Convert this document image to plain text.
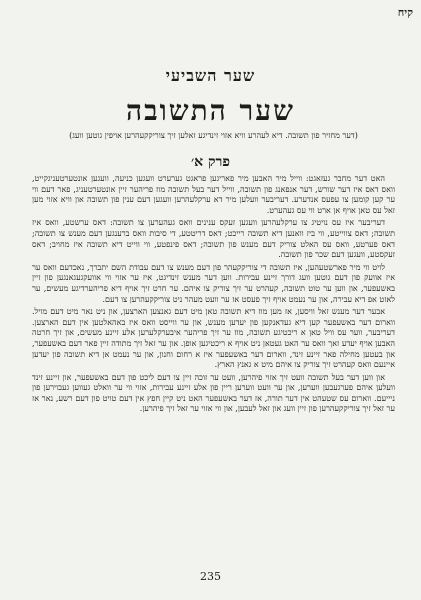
קיח
שער השביעי
שער התשובה
(דער מחזיר פון תשובה. דיא לעהרע וויא אזוי זינדיגע זאלען זיך צוריקקעהרען אויפין גוטען וועג)
פרק א׳

האט דער מחבר געזאגט: ווייל מיר האבען מיר פאריגען פראגט גערערט וועגען כניעה, וועגען אונטערטעניגקייט, וואס דאס איז דער שורש, דער אנפאנג פון תשובה, ווייל דער בעל תשובה מוז פריהער זיין אונטערטעניג, פאר דעם ווי ער קען קומען צו עפעס אנדערע. דעריבער וועלען מיר דא ערקלעהרען וועגען דעם ענין פון תשובה און וויא אזוי מען זאל עס טאן אויף אן ארט ווי עס געהערט.

דעריבער איז עס נויטיג צו ערקלעהרען וועגען זעקס ענינים וואס געהערען צו תשובה: דאס ערשטע, וואס איז תשובה; דאס צווייטע, ווי ביז וואנען דיא תשובה רייכט; דאס דריטטע, די סיבות וואס ברענגען דעם מענש צו תשובה; דאס פערטע, וואס עס האלט צוריק דעם מענש פון תשובה; דאס פינפטע, ווי ווייט דיא תשובה איז מחויב; דאס זעקסטע, וועגען דעם שכר פון תשובה.

לויט ווי מיר פארשטעהען, איז תשובה די צוריקקעהר פון דעם מענש צו דעם עבודת השם יתברך, נאכדעם וואס ער איז אוועק פון דעם גוטען וועג דורך זיינע עבירות. ווען דער מענש זינדיגט, איז ער אזוי ווי אוועקגעגאנגען פון זיין באשעפער, און ווען ער טוט תשובה, קעהרט ער זיך צוריק צו איהם. ער חרט זיך אויף דיא פריהערדיגע מעשים, ער לאזט אפ דיא עבירה, און ער נעמט אויף זיך פעסט אז ער וועט מעהר ניט צוריקקעהרען צו דעם.

אבער דער מענש זאל וויסען, אז מען מוז דיא תשובה טאן מיט דעם גאנצען הארצען, און ניט נאר מיט דעם מויל. ווארום דער באשעפער קען דיא געדאנקען פון יעדען מענש, און ער ווייסט וואס איז באהאלטען אין דעם הארצען. דעריבער, ווער עס וויל טאן א ריכטיגע תשובה, מוז ער זיך פריהער איבערקלערען אלע זיינע מעשים, און זיך חרטה האבען אויף יעדע זאך וואס ער האט געטאן ניט אויף א ריכטיגען אופן. און ער זאל זיך מתודה זיין פאר דעם באשעפער, און בעטען מחילה פאר זיינע זינד, ווארום דער באשעפער איז א רחום וחנון, און ער נעמט אן דיא תשובה פון יעדען איינעם וואס קעהרט זיך צוריק צו איהם מיט א גאנץ הארץ.

און ווען דער בעל תשובה וועט זיך אזוי פיהרען, וועט ער זוכה זיין צו דעם ליכט פון דעם באשעפער, און זיינע זינד וועלען איהם פערגעבען ווערען, און ער וועט ווערען ריין פון אלע זיינע עבירות, אזוי ווי ער וואלט געווען געבוירען פון ניייעם. ווארום עס שטעהט אין דער תורה, אז דער באשעפער האט ניט קיין חפץ אין דעם טויט פון דעם רשע, נאר אז ער זאל זיך צוריקקעהרען פון זיין וועג און זאל לעבען, און ווי אזוי ער זאל זיך פיהרען.

235
